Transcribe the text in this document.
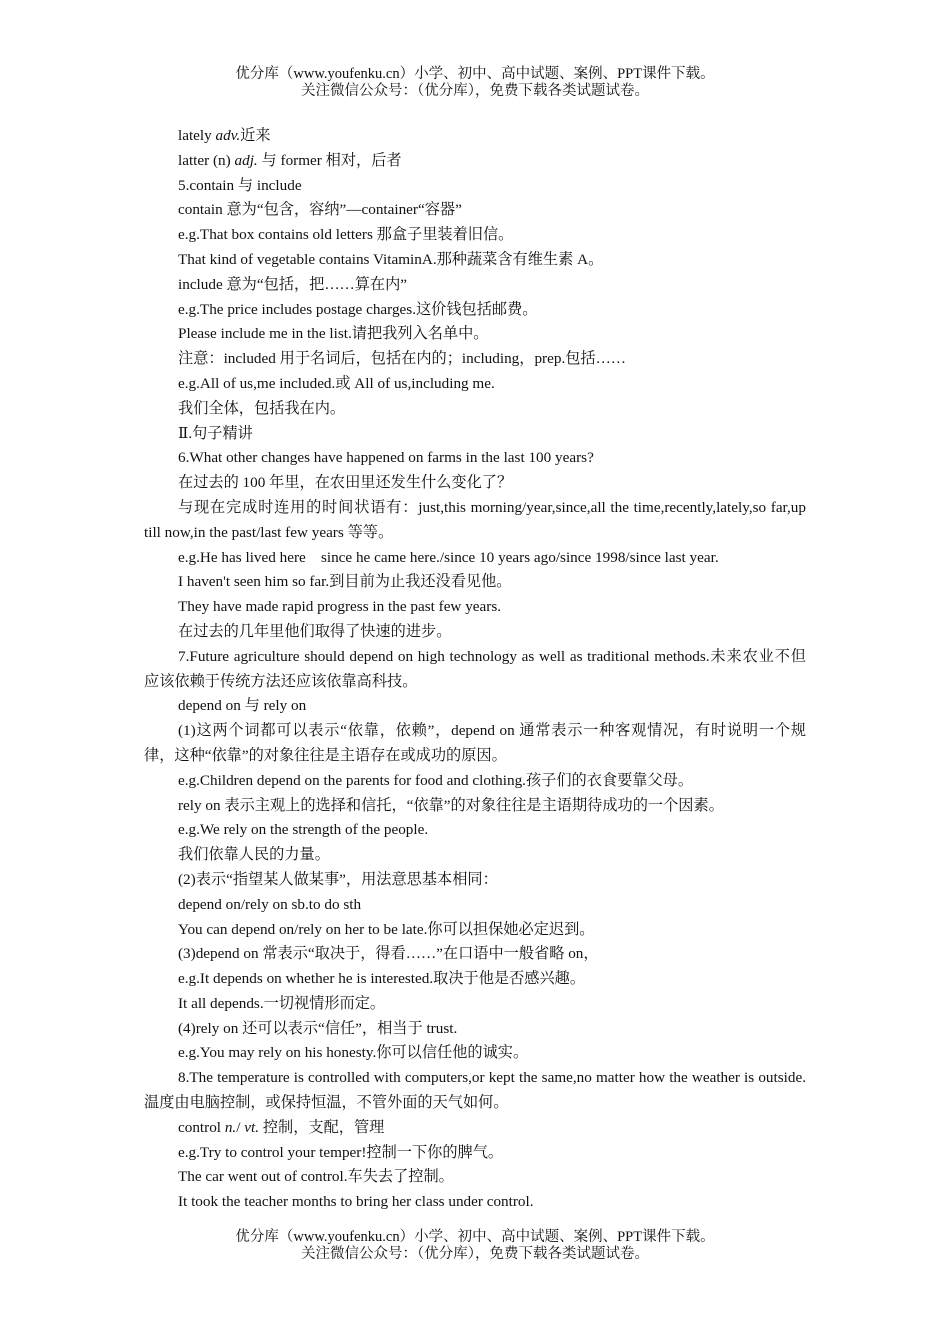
优分库（www.youfenku.cn）小学、初中、高中试题、案例、PPT课件下载。
关注微信公众号：（优分库），免费下载各类试题试卷。

lately adv.近来

latter (n) adj. 与 former 相对，后者

5.contain 与 include

contain 意为“包含，容纳”—container“容器”

e.g.That box contains old letters 那盒子里装着旧信。

That kind of vegetable contains VitaminA.那种蔬菜含有维生素 A。

include 意为“包括，把……算在内”

e.g.The price includes postage charges.这价钱包括邮费。

Please include me in the list.请把我列入名单中。

注意：included 用于名词后，包括在内的；including，prep.包括……

e.g.All of us,me included.或 All of us,including me.

我们全体，包括我在内。

Ⅱ.句子精讲

6.What other changes have happened on farms in the last 100 years?

在过去的 100 年里，在农田里还发生什么变化了？

与现在完成时连用的时间状语有：just,this morning/year,since,all the time,recently,lately,so far,up till now,in the past/last few years 等等。

e.g.He has lived here　since he came here./since 10 years ago/since 1998/since last year.

I haven't seen him so far.到目前为止我还没看见他。

They have made rapid progress in the past few years.

在过去的几年里他们取得了快速的进步。

7.Future agriculture should depend on high technology as well as traditional methods.未来农业不但应该依赖于传统方法还应该依靠高科技。

depend on 与 rely on

(1)这两个词都可以表示“依靠，依赖”，depend on 通常表示一种客观情况，有时说明一个规律，这种“依靠”的对象往往是主语存在或成功的原因。

e.g.Children depend on the parents for food and clothing.孩子们的衣食要靠父母。

rely on 表示主观上的选择和信托，“依靠”的对象往往是主语期待成功的一个因素。

e.g.We rely on the strength of the people.

我们依靠人民的力量。

(2)表示“指望某人做某事”，用法意思基本相同：

depend on/rely on sb.to do sth

You can depend on/rely on her to be late.你可以担保她必定迟到。

(3)depend on 常表示“取决于，得看……”在口语中一般省略 on，

e.g.It depends on whether he is interested.取决于他是否感兴趣。

It all depends.一切视情形而定。

(4)rely on 还可以表示“信任”，相当于 trust.

e.g.You may rely on his honesty.你可以信任他的诚实。

8.The temperature is controlled with computers,or kept the same,no matter how the weather is outside.温度由电脑控制，或保持恒温，不管外面的天气如何。

control n./ vt. 控制，支配，管理

e.g.Try to control your temper!控制一下你的脾气。

The car went out of control.车失去了控制。

It took the teacher months to bring her class under control.

优分库（www.youfenku.cn）小学、初中、高中试题、案例、PPT课件下载。
关注微信公众号：（优分库），免费下载各类试题试卷。
